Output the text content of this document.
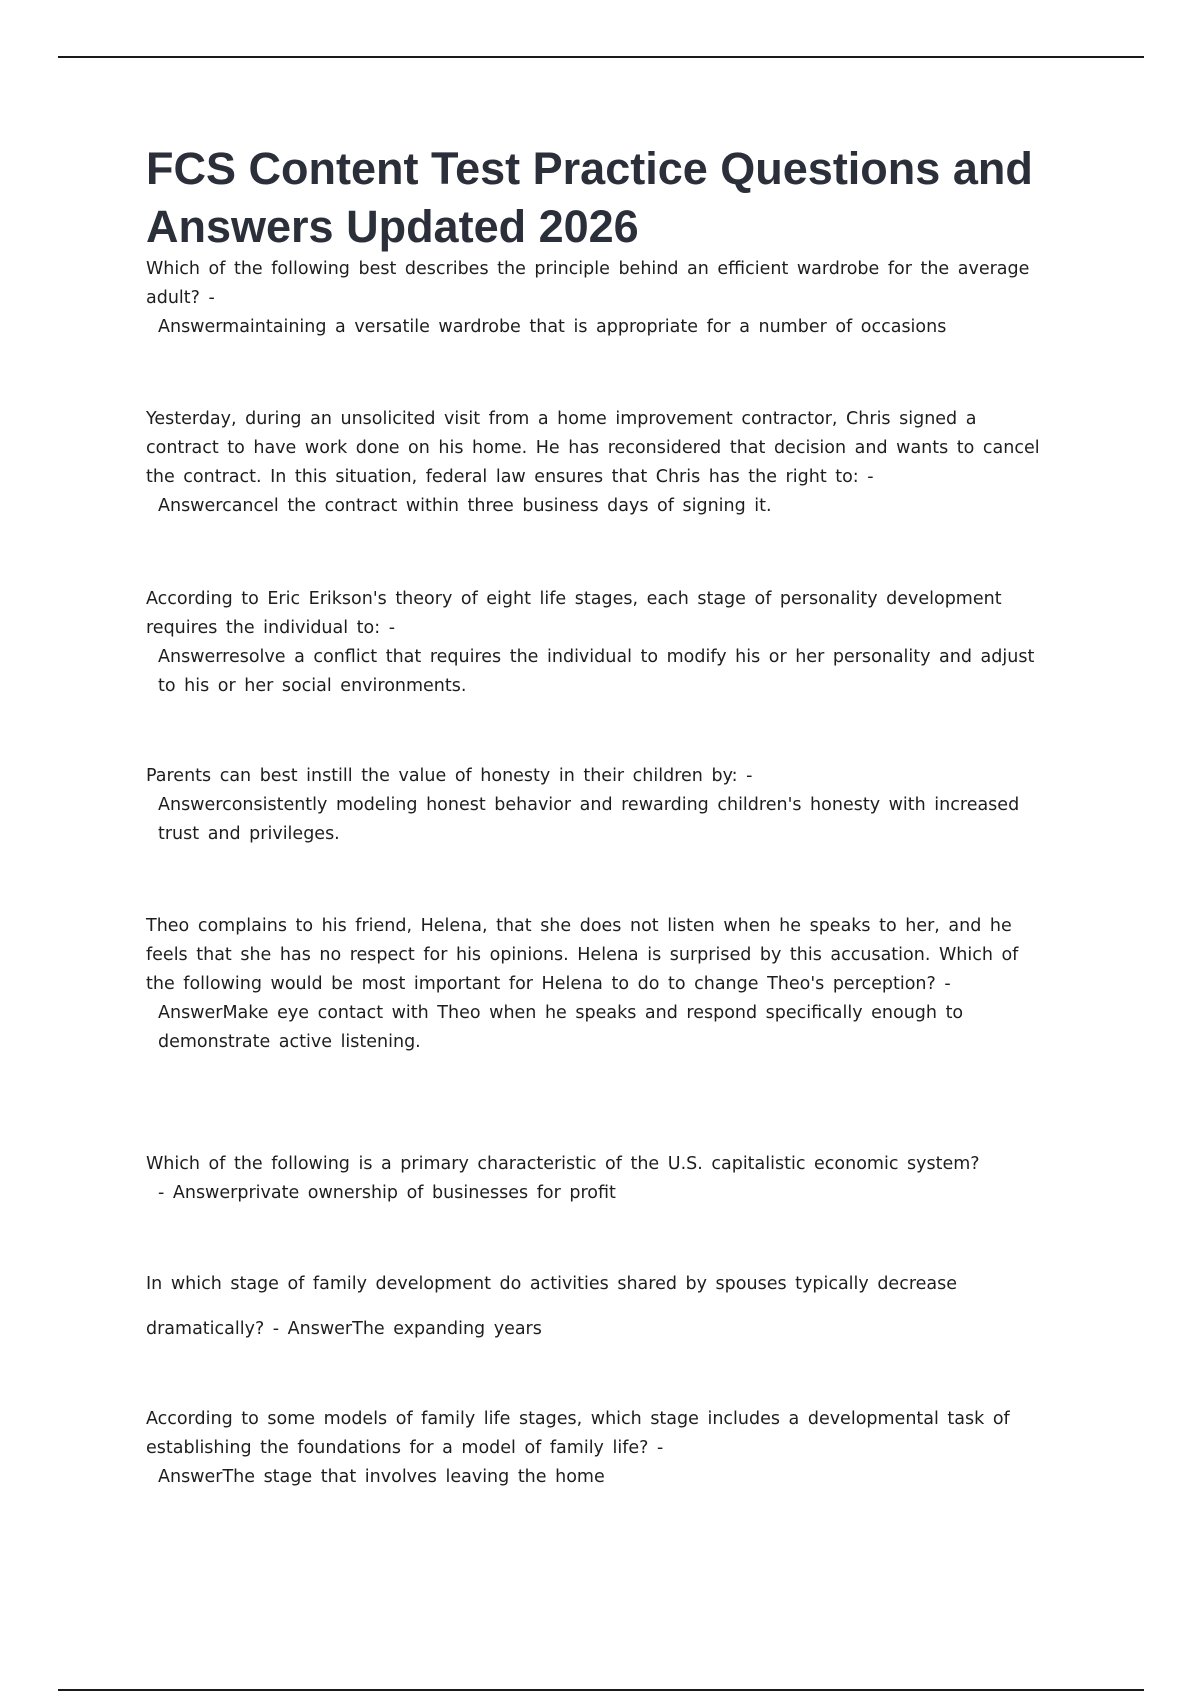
FCS Content Test Practice Questions and Answers Updated 2026
Which of the following best describes the principle behind an efficient wardrobe for the average adult? -
Answermaintaining a versatile wardrobe that is appropriate for a number of occasions
Yesterday, during an unsolicited visit from a home improvement contractor, Chris signed a contract to have work done on his home. He has reconsidered that decision and wants to cancel the contract. In this situation, federal law ensures that Chris has the right to: -
Answercancel the contract within three business days of signing it.
According to Eric Erikson's theory of eight life stages, each stage of personality development requires the individual to: -
Answerresolve a conflict that requires the individual to modify his or her personality and adjust to his or her social environments.
Parents can best instill the value of honesty in their children by: -
Answerconsistently modeling honest behavior and rewarding children's honesty with increased trust and privileges.
Theo complains to his friend, Helena, that she does not listen when he speaks to her, and he feels that she has no respect for his opinions. Helena is surprised by this accusation. Which of the following would be most important for Helena to do to change Theo's perception? -
AnswerMake eye contact with Theo when he speaks and respond specifically enough to demonstrate active listening.
Which of the following is a primary characteristic of the U.S. capitalistic economic system?
- Answerprivate ownership of businesses for profit
In which stage of family development do activities shared by spouses typically decrease
dramatically? - AnswerThe expanding years
According to some models of family life stages, which stage includes a developmental task of establishing the foundations for a model of family life? -
AnswerThe stage that involves leaving the home
